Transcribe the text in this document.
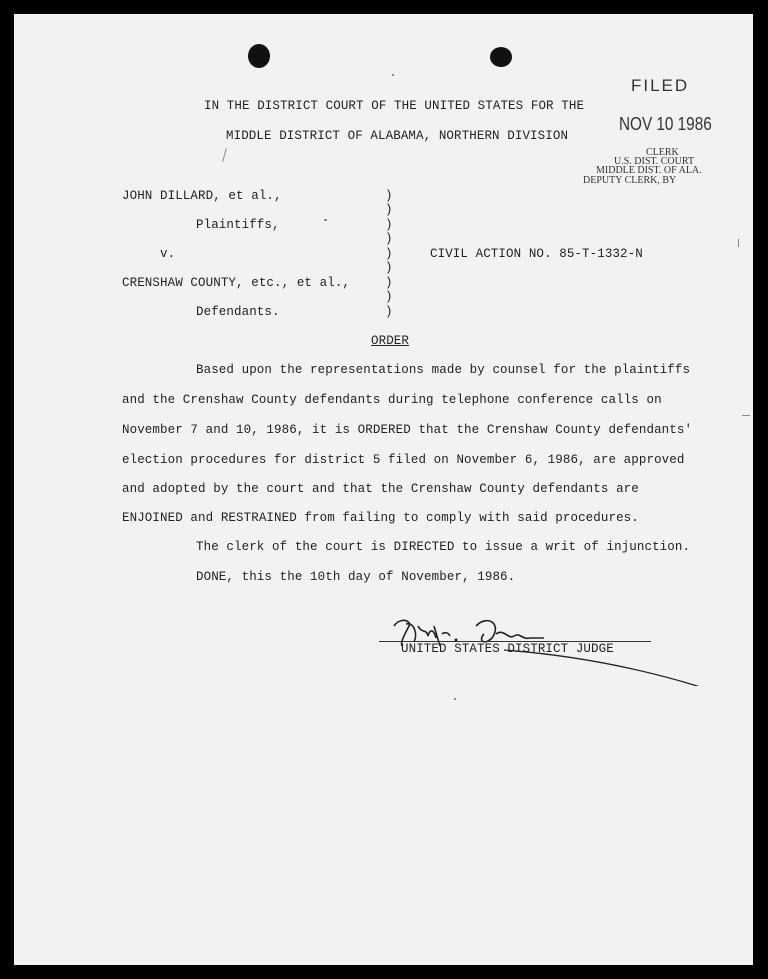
FILED
NOV 10 1986
CLERK
U.S. DIST. COURT
MIDDLE DIST. OF ALA.
DEPUTY CLERK, BY
IN THE DISTRICT COURT OF THE UNITED STATES FOR THE
MIDDLE DISTRICT OF ALABAMA, NORTHERN DIVISION
JOHN DILLARD, et al.,
Plaintiffs,
v.
CRENSHAW COUNTY, etc., et al.,
Defendants.
CIVIL ACTION NO. 85-T-1332-N
)
)
)
)
)
)
)
)
)
ORDER
Based upon the representations made by counsel for the plaintiffs
and the Crenshaw County defendants during telephone conference calls on
November 7 and 10, 1986, it is ORDERED that the Crenshaw County defendants'
election procedures for district 5 filed on November 6, 1986, are approved
and adopted by the court and that the Crenshaw County defendants are
ENJOINED and RESTRAINED from failing to comply with said procedures.
The clerk of the court is DIRECTED to issue a writ of injunction.
DONE, this the 10th day of November, 1986.
UNITED STATES DISTRICT JUDGE
